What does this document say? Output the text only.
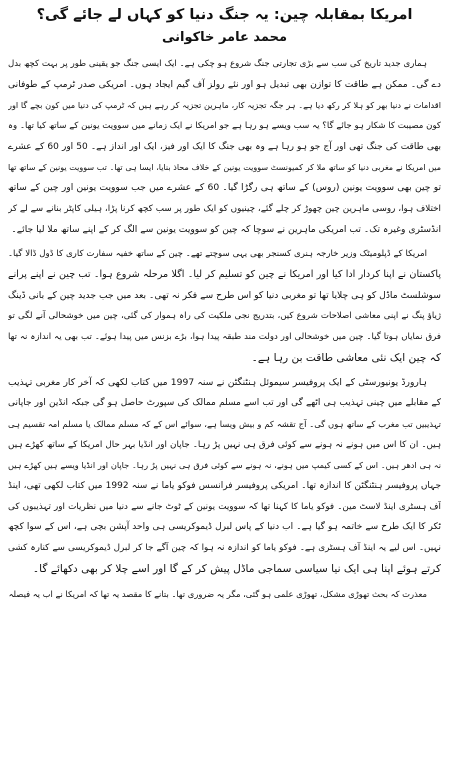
امریکا بمقابلہ چین: یہ جنگ دنیا کو کہاں لے جائے گی؟
محمد عامر خاکوانی
ہماری جدید تاریخ کی سب سے بڑی تجارتی جنگ شروع ہو چکی ہے۔ ایک ایسی جنگ جو یقینی طور پر بہت کچھ بدل
دے گی۔ ممکن ہے طاقت کا توازن بھی تبدیل ہو اور نئے رولز آف گیم ایجاد ہوں۔ امریکی صدر ٹرمپ کے طوفانی
اقدامات نے دنیا بھر کو ہلا کر رکھ دیا ہے۔ ہر جگہ تجزیہ کار، ماہرین تجزیہ کر رہے ہیں کہ ٹرمپ کی دنیا میں کون بچے گا اور
کون مصیبت کا شکار ہو جائے گا؟ یہ سب ویسے ہو رہا ہے جو امریکا نے ایک زمانے میں سوویت یونین کے ساتھ کیا تھا۔ وہ
بھی طاقت کی جنگ تھی اور آج جو ہو رہا ہے وہ بھی جنگ کا ایک اور فیز، ایک اور انداز ہے۔ 50 اور 60 کے عشرے
میں امریکا نے مغربی دنیا کو ساتھ ملا کر کمیونسٹ سوویت یونین کے خلاف محاذ بنایا، ایسا ہی تھا۔ تب سوویت یونین کے ساتھ تھا
تو چین بھی سوویت یونین (روس) کے ساتھ ہی رگڑا گیا۔ 60 کے عشرے میں جب سوویت یونین اور چین کے ساتھ
اختلاف ہوا، روسی ماہرین چین چھوڑ کر چلے گئے، چینیوں کو ایک طور پر سب کچھ کرنا پڑا، ہیلی کاپٹر بنانے سے لے کر
انڈسٹری وغیرہ تک۔ تب امریکی ماہرین نے سوچا کہ چین کو سوویت یونین سے الگ کر کے اپنے ساتھ ملا لیا جائے۔
امریکا کے ڈپلومیٹک وزیر خارجہ ہنری کسنجر بھی یہی سوچتے تھے۔ چین کے ساتھ خفیہ سفارت کاری کا ڈول ڈالا گیا۔
پاکستان نے اپنا کردار ادا کیا اور امریکا نے چین کو تسلیم کر لیا۔ اگلا مرحلہ شروع ہوا۔ تب چین نے اپنے پرانے
سوشلسٹ ماڈل کو ہی چلایا تھا تو مغربی دنیا کو اس طرح سے فکر نہ تھی۔ بعد میں جب جدید چین کے بانی ڈینگ
ژیاؤ پنگ نے اپنی معاشی اصلاحات شروع کیں، بتدریج نجی ملکیت کی راہ ہموار کی گئی، چین میں خوشحالی آنے لگی تو
فرق نمایاں ہوتا گیا۔ چین میں خوشحالی اور دولت مند طبقہ پیدا ہوا، بڑے بزنس میں پیدا ہوئے۔ تب بھی یہ اندازہ نہ تھا
کہ چین ایک نئی معاشی طاقت بن رہا ہے۔
ہارورڈ یونیورسٹی کے ایک پروفیسر سیموئل ہنٹنگٹن نے سنہ 1997 میں کتاب لکھی کہ آخر کار مغربی تہذیب
کے مقابلے میں چینی تہذیب ہی اٹھے گی اور تب اسے مسلم ممالک کی سپورٹ حاصل ہو گی جبکہ انڈین اور جاپانی
تہذیبیں تب مغرب کے ساتھ ہوں گی۔ آج تقشہ کم و بیش ویسا ہے، سوائے اس کے کہ مسلم ممالک یا مسلم امہ تقسیم ہی
ہیں۔ ان کا اس میں ہونے نہ ہونے سے کوئی فرق ہی نہیں پڑ رہا۔ جاپان اور انڈیا بہر حال امریکا کے ساتھ کھڑے ہیں
نہ ہی ادھر ہیں۔ اس کے کسی کیمپ میں ہونے، نہ ہونے سے کوئی فرق ہی نہیں پڑ رہا۔ جاپان اور انڈیا ویسے ہیں کھڑے ہیں
جہاں پروفیسر ہنٹنگٹن کا اندازہ تھا۔ امریکی پروفیسر فرانسس فوکو یاما نے سنہ 1992 میں کتاب لکھی تھی، اینڈ
آف ہسٹری اینڈ لاسٹ مین۔ فوکو یاما کا کہنا تھا کہ سوویت یونین کے ٹوٹ جانے سے دنیا میں نظریات اور تہذیبوں کی
ٹکر کا ایک طرح سے خاتمہ ہو گیا ہے۔ اب دنیا کے پاس لبرل ڈیموکریسی ہی واحد آپشن بچی ہے، اس کے سوا کچھ
نہیں۔ اس لیے یہ اینڈ آف ہسٹری ہے۔ فوکو یاما کو اندازہ نہ ہوا کہ چین آگے جا کر لبرل ڈیموکریسی سے کنارہ کشی
کرتے ہوئے اپنا ہی ایک نیا سیاسی سماجی ماڈل پیش کر کے گا اور اسے چلا کر بھی دکھائے گا۔
معذرت کہ بحث تھوڑی مشکل، تھوڑی علمی ہو گئی، مگر یہ ضروری تھا۔ بتانے کا مقصد یہ تھا کہ امریکا نے اب یہ فیصلہ
